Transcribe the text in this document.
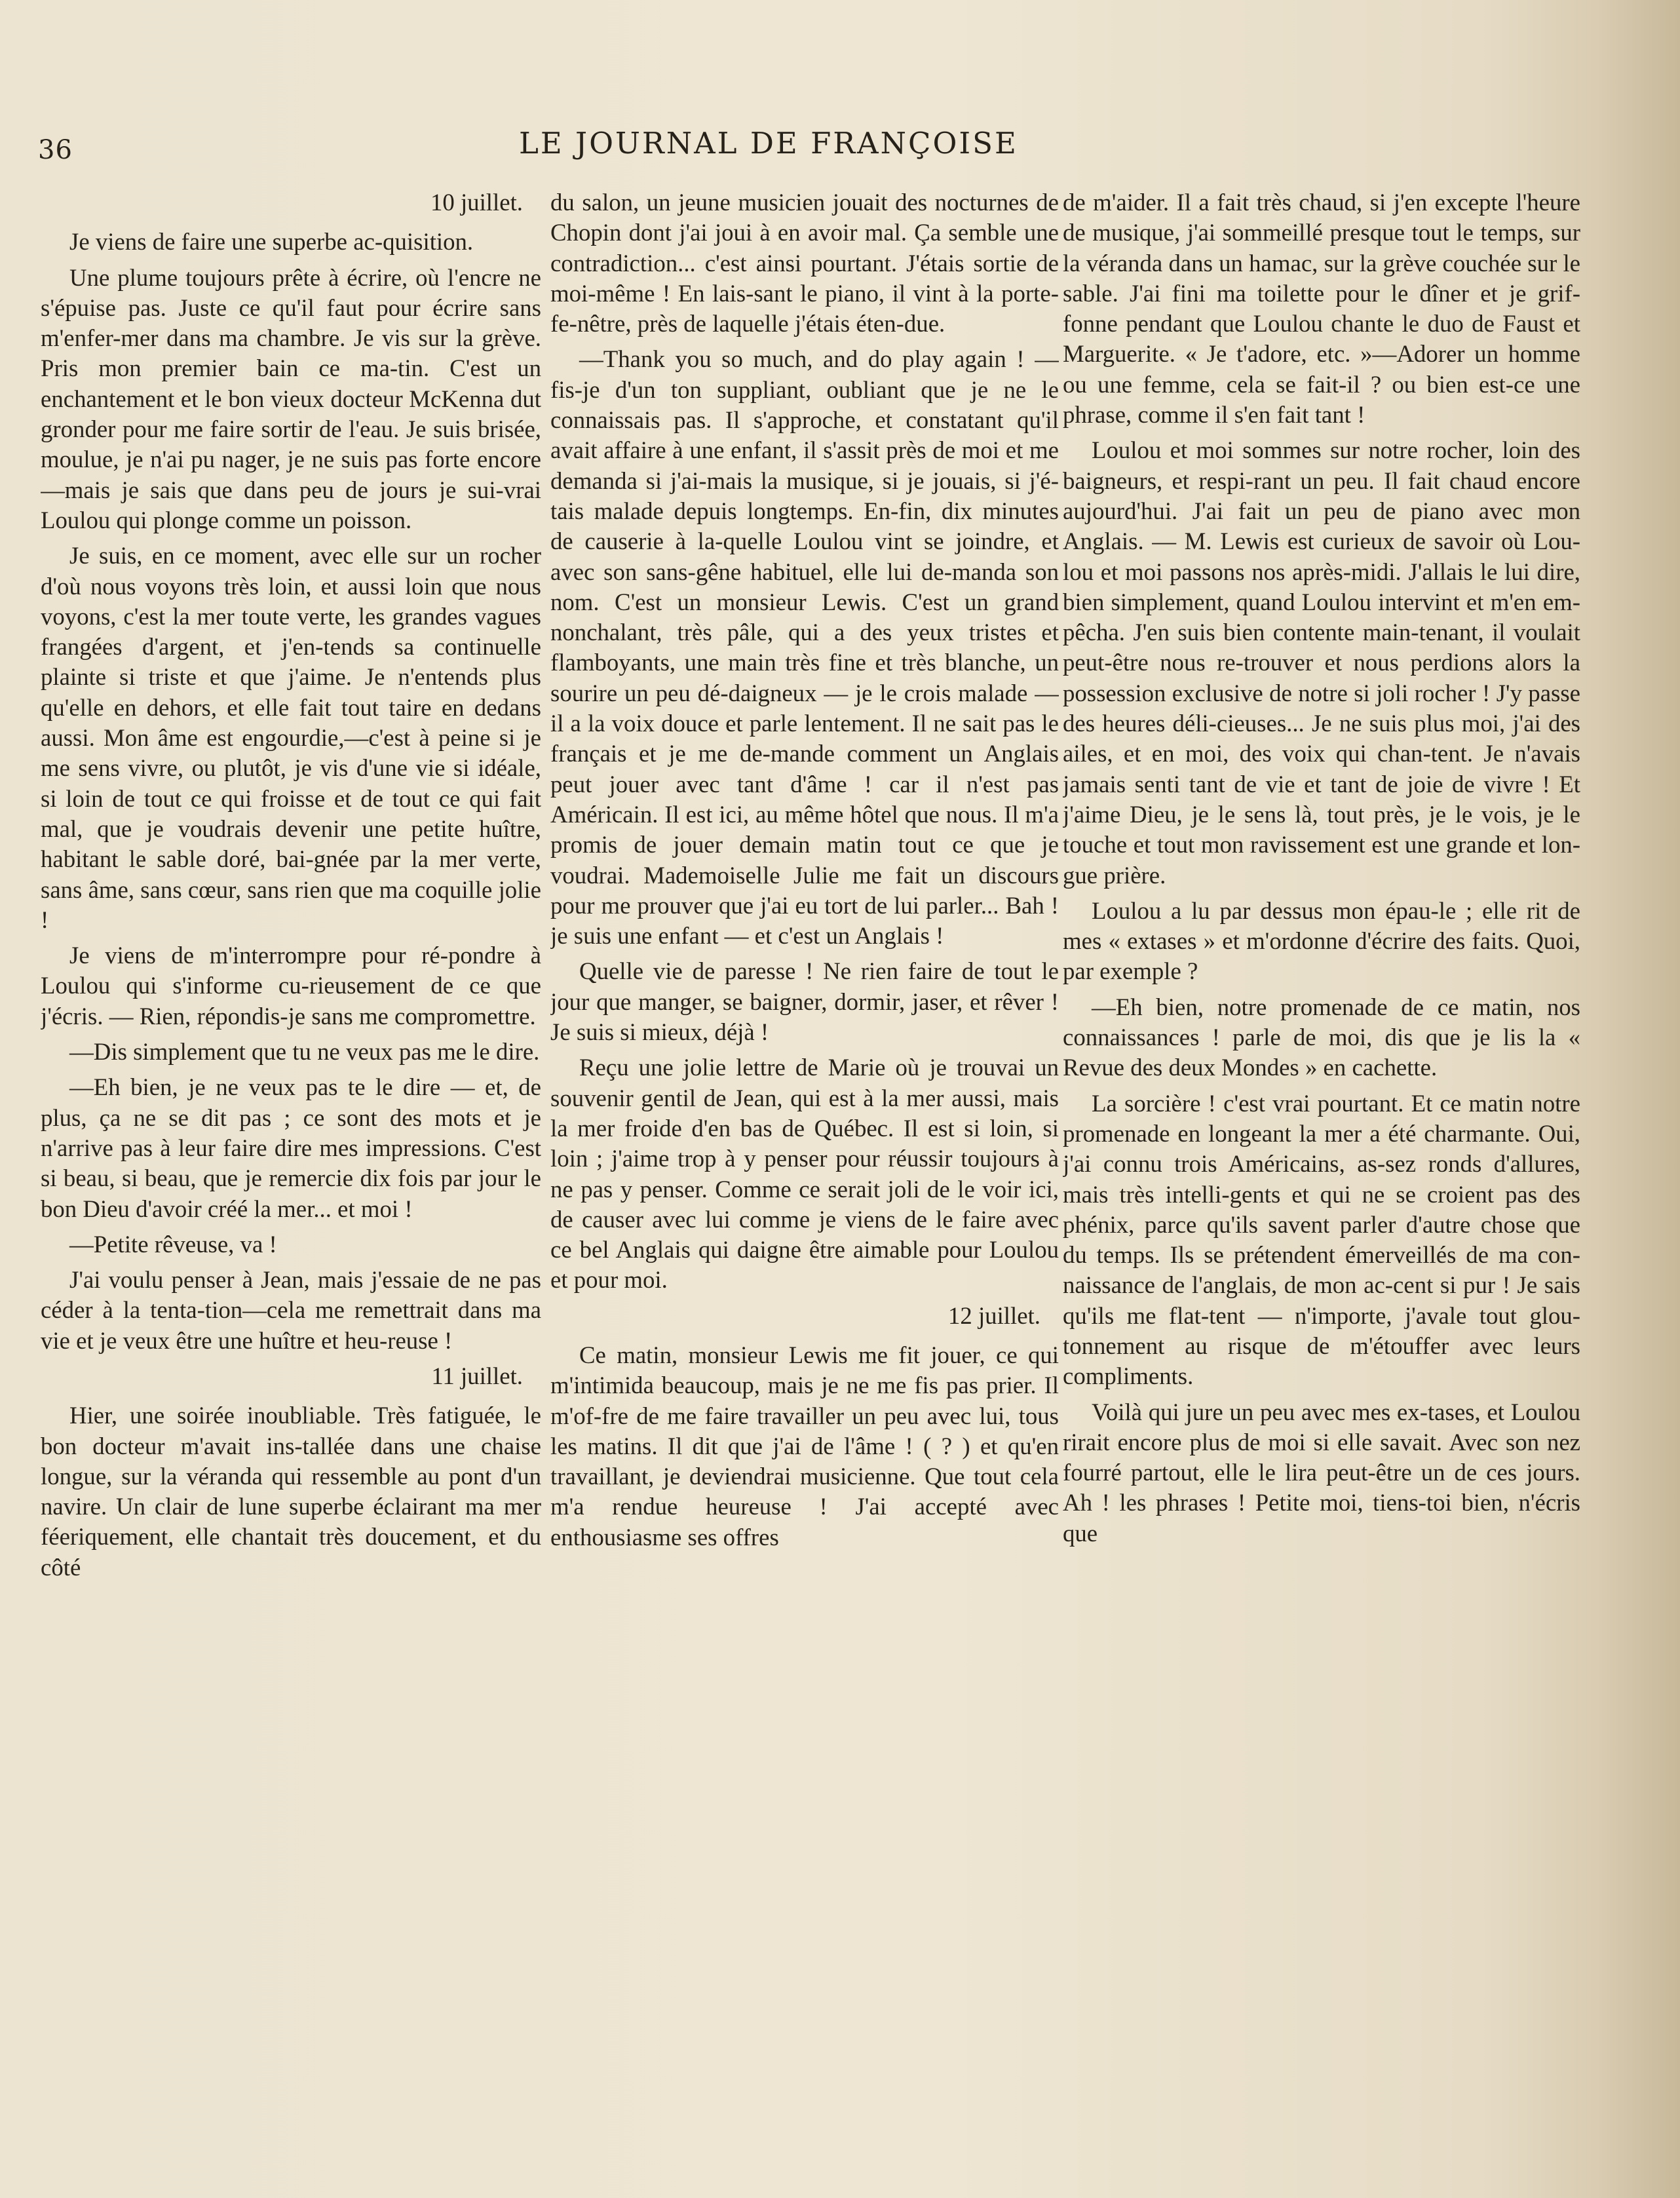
36	LE JOURNAL DE FRANÇOISE

10 juillet.

Je viens de faire une superbe ac-quisition.

Une plume toujours prête à écrire, où l'encre ne s'épuise pas. Juste ce qu'il faut pour écrire sans m'enfer-mer dans ma chambre. Je vis sur la grève. Pris mon premier bain ce ma-tin. C'est un enchantement et le bon vieux docteur McKenna dut gronder pour me faire sortir de l'eau. Je suis brisée, moulue, je n'ai pu nager, je ne suis pas forte encore—mais je sais que dans peu de jours je sui-vrai Loulou qui plonge comme un poisson.

Je suis, en ce moment, avec elle sur un rocher d'où nous voyons très loin, et aussi loin que nous voyons, c'est la mer toute verte, les grandes vagues frangées d'argent, et j'en-tends sa continuelle plainte si triste et que j'aime. Je n'entends plus qu'elle en dehors, et elle fait tout taire en dedans aussi. Mon âme est engourdie,—c'est à peine si je me sens vivre, ou plutôt, je vis d'une vie si idéale, si loin de tout ce qui froisse et de tout ce qui fait mal, que je voudrais devenir une petite huître, habitant le sable doré, bai-gnée par la mer verte, sans âme, sans cœur, sans rien que ma coquille jolie !

Je viens de m'interrompre pour ré-pondre à Loulou qui s'informe cu-rieusement de ce que j'écris. — Rien, répondis-je sans me compromettre.

—Dis simplement que tu ne veux pas me le dire.

—Eh bien, je ne veux pas te le dire — et, de plus, ça ne se dit pas ; ce sont des mots et je n'arrive pas à leur faire dire mes impressions. C'est si beau, si beau, que je remercie dix fois par jour le bon Dieu d'avoir créé la mer... et moi !

—Petite rêveuse, va !

J'ai voulu penser à Jean, mais j'essaie de ne pas céder à la tenta-tion—cela me remettrait dans ma vie et je veux être une huître et heu-reuse !

11 juillet.

Hier, une soirée inoubliable. Très fatiguée, le bon docteur m'avait ins-tallée dans une chaise longue, sur la véranda qui ressemble au pont d'un navire. Un clair de lune superbe éclairant ma mer féeriquement, elle chantait très doucement, et du côté

du salon, un jeune musicien jouait des nocturnes de Chopin dont j'ai joui à en avoir mal. Ça semble une contradiction... c'est ainsi pourtant. J'étais sortie de moi-même ! En lais-sant le piano, il vint à la porte-fe-nêtre, près de laquelle j'étais éten-due.

—Thank you so much, and do play again ! — fis-je d'un ton suppliant, oubliant que je ne le connaissais pas. Il s'approche, et constatant qu'il avait affaire à une enfant, il s'assit près de moi et me demanda si j'ai-mais la musique, si je jouais, si j'é-tais malade depuis longtemps. En-fin, dix minutes de causerie à la-quelle Loulou vint se joindre, et avec son sans-gêne habituel, elle lui de-manda son nom. C'est un monsieur Lewis. C'est un grand nonchalant, très pâle, qui a des yeux tristes et flamboyants, une main très fine et très blanche, un sourire un peu dé-daigneux — je le crois malade — il a la voix douce et parle lentement. Il ne sait pas le français et je me de-mande comment un Anglais peut jouer avec tant d'âme ! car il n'est pas Américain. Il est ici, au même hôtel que nous. Il m'a promis de jouer demain matin tout ce que je voudrai. Mademoiselle Julie me fait un discours pour me prouver que j'ai eu tort de lui parler... Bah ! je suis une enfant — et c'est un Anglais !

Quelle vie de paresse ! Ne rien faire de tout le jour que manger, se baigner, dormir, jaser, et rêver ! Je suis si mieux, déjà !

Reçu une jolie lettre de Marie où je trouvai un souvenir gentil de Jean, qui est à la mer aussi, mais la mer froide d'en bas de Québec. Il est si loin, si loin ; j'aime trop à y penser pour réussir toujours à ne pas y penser. Comme ce serait joli de le voir ici, de causer avec lui comme je viens de le faire avec ce bel Anglais qui daigne être aimable pour Loulou et pour moi.

12 juillet.

Ce matin, monsieur Lewis me fit jouer, ce qui m'intimida beaucoup, mais je ne me fis pas prier. Il m'of-fre de me faire travailler un peu avec lui, tous les matins. Il dit que j'ai de l'âme ! ( ? ) et qu'en travaillant, je deviendrai musicienne. Que tout cela m'a rendue heureuse ! J'ai accepté avec enthousiasme ses offres

de m'aider. Il a fait très chaud, si j'en excepte l'heure de musique, j'ai sommeillé presque tout le temps, sur la véranda dans un hamac, sur la grève couchée sur le sable. J'ai fini ma toilette pour le dîner et je grif-fonne pendant que Loulou chante le duo de Faust et Marguerite. « Je t'adore, etc. »—Adorer un homme ou une femme, cela se fait-il ? ou bien est-ce une phrase, comme il s'en fait tant !

Loulou et moi sommes sur notre rocher, loin des baigneurs, et respi-rant un peu. Il fait chaud encore aujourd'hui. J'ai fait un peu de piano avec mon Anglais. — M. Lewis est curieux de savoir où Lou-lou et moi passons nos après-midi. J'allais le lui dire, bien simplement, quand Loulou intervint et m'en em-pêcha. J'en suis bien contente main-tenant, il voulait peut-être nous re-trouver et nous perdions alors la possession exclusive de notre si joli rocher ! J'y passe des heures déli-cieuses... Je ne suis plus moi, j'ai des ailes, et en moi, des voix qui chan-tent. Je n'avais jamais senti tant de vie et tant de joie de vivre ! Et j'aime Dieu, je le sens là, tout près, je le vois, je le touche et tout mon ravissement est une grande et lon-gue prière.

Loulou a lu par dessus mon épau-le ; elle rit de mes « extases » et m'ordonne d'écrire des faits. Quoi, par exemple ?

—Eh bien, notre promenade de ce matin, nos connaissances ! parle de moi, dis que je lis la « Revue des deux Mondes » en cachette.

La sorcière ! c'est vrai pourtant. Et ce matin notre promenade en longeant la mer a été charmante. Oui, j'ai connu trois Américains, as-sez ronds d'allures, mais très intelli-gents et qui ne se croient pas des phénix, parce qu'ils savent parler d'autre chose que du temps. Ils se prétendent émerveillés de ma con-naissance de l'anglais, de mon ac-cent si pur ! Je sais qu'ils me flat-tent — n'importe, j'avale tout glou-tonnement au risque de m'étouffer avec leurs compliments.

Voilà qui jure un peu avec mes ex-tases, et Loulou rirait encore plus de moi si elle savait. Avec son nez fourré partout, elle le lira peut-être un de ces jours. Ah ! les phrases ! Petite moi, tiens-toi bien, n'écris que
